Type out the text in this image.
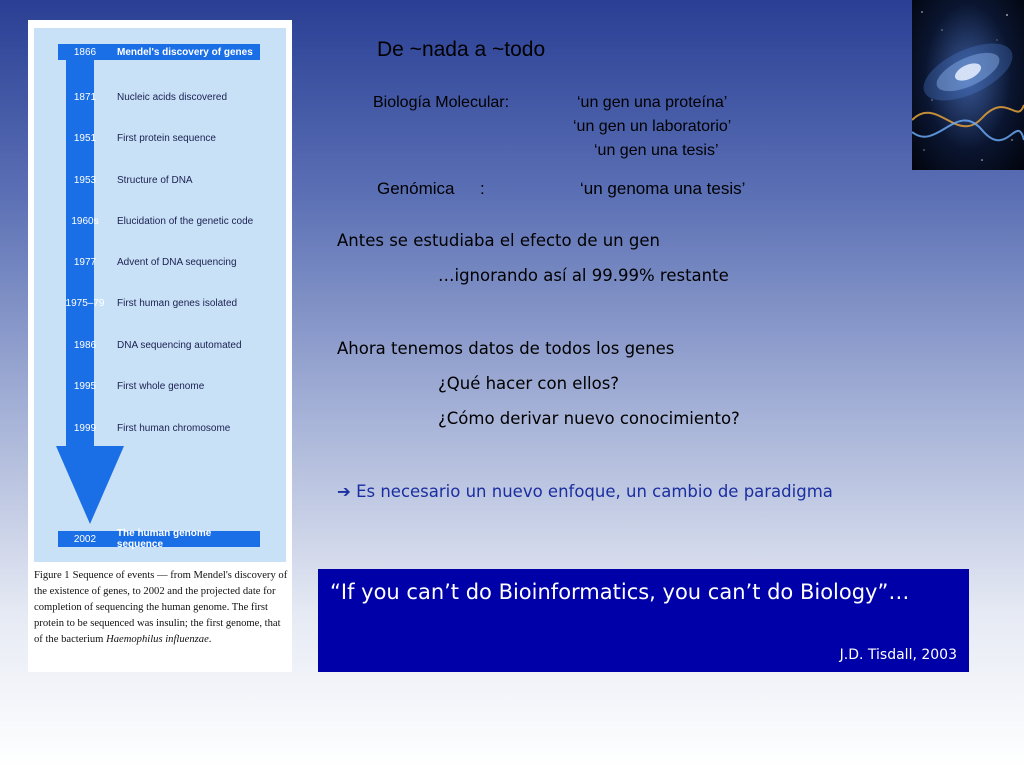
1866	Mendel's discovery of genes
1871	Nucleic acids discovered
1951	First protein sequence
1953	Structure of DNA
1960s	Elucidation of the genetic code
1977	Advent of DNA sequencing
1975–79	First human genes isolated
1986	DNA sequencing automated
1995	First whole genome
1999	First human chromosome
2002	The human genome sequence
Figure 1 Sequence of events — from Mendel's discovery of the existence of genes, to 2002 and the projected date for completion of sequencing the human genome. The first protein to be sequenced was insulin; the first genome, that of the bacterium Haemophilus influenzae.
De ~nada a ~todo
Biología Molecular:	‘un gen una proteína’
‘un gen un laboratorio’
‘un gen una tesis’
Genómica :	‘un genoma una tesis’
Antes se estudiaba el efecto de un gen
…ignorando así al 99.99% restante
Ahora tenemos datos de todos los genes
¿Qué hacer con ellos?
¿Cómo derivar nuevo conocimiento?
➔ Es necesario un nuevo enfoque, un cambio de paradigma
“If you can’t do Bioinformatics, you can’t do Biology”…
J.D. Tisdall, 2003
